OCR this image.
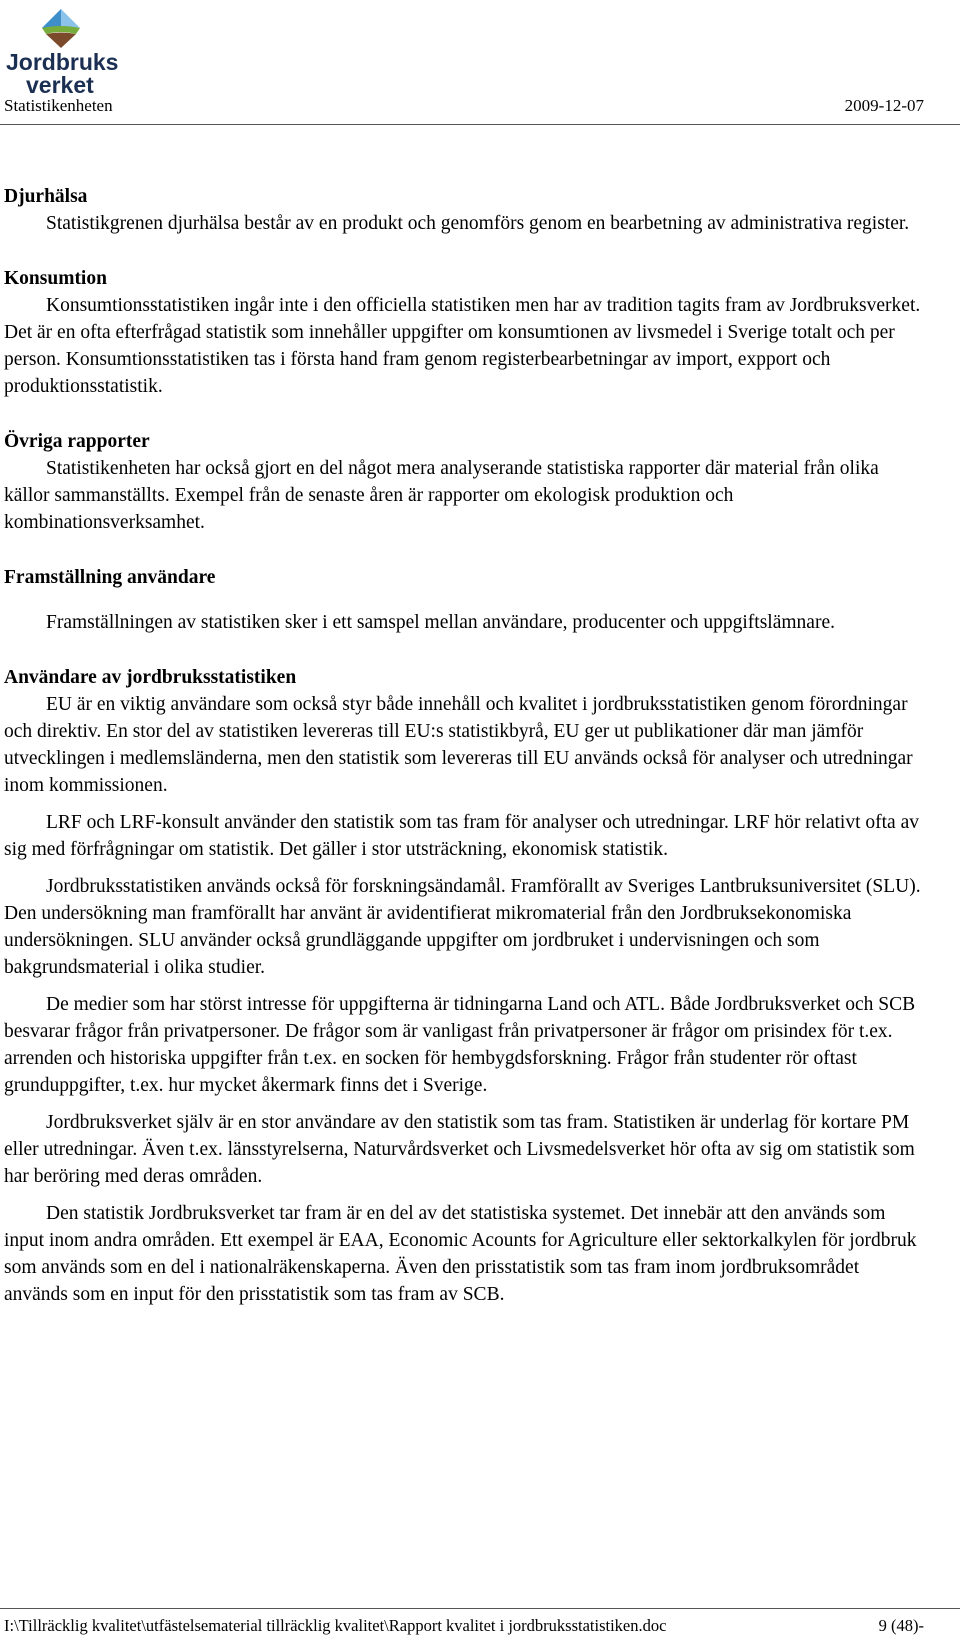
Jordbruks
verket
Statistikenheten	2009-12-07
Djurhälsa

Statistikgrenen djurhälsa består av en produkt och genomförs genom en bearbetning av administrativa register.

Konsumtion

Konsumtionsstatistiken ingår inte i den officiella statistiken men har av tradition tagits fram av Jordbruksverket. Det är en ofta efterfrågad statistik som innehåller uppgifter om konsumtionen av livsmedel i Sverige totalt och per person. Konsumtionsstatistiken tas i första hand fram genom registerbearbetningar av import, expport och produktionsstatistik.

Övriga rapporter

Statistikenheten har också gjort en del något mera analyserande statistiska rapporter där material från olika källor sammanställts. Exempel från de senaste åren är rapporter om ekologisk produktion och kombinationsverksamhet.

Framställning användare

Framställningen av statistiken sker i ett samspel mellan användare, producenter och uppgiftslämnare.

Användare av jordbruksstatistiken

EU är en viktig användare som också styr både innehåll och kvalitet i jordbruksstatistiken genom förordningar och direktiv. En stor del av statistiken levereras till EU:s statistikbyrå, EU ger ut publikationer där man jämför utvecklingen i medlemsländerna, men den statistik som levereras till EU används också för analyser och utredningar inom kommissionen.

LRF och LRF-konsult använder den statistik som tas fram för analyser och utredningar. LRF hör relativt ofta av sig med förfrågningar om statistik. Det gäller i stor utsträckning, ekonomisk statistik.

Jordbruksstatistiken används också för forskningsändamål. Framförallt av Sveriges Lantbruksuniversitet (SLU). Den undersökning man framförallt har använt är avidentifierat mikromaterial från den Jordbruksekonomiska undersökningen. SLU använder också grundläggande uppgifter om jordbruket i undervisningen och som bakgrundsmaterial i olika studier.

De medier som har störst intresse för uppgifterna är tidningarna Land och ATL. Både Jordbruksverket och SCB besvarar frågor från privatpersoner. De frågor som är vanligast från privatpersoner är frågor om prisindex för t.ex. arrenden och historiska uppgifter från t.ex. en socken för hembygdsforskning. Frågor från studenter rör oftast grunduppgifter, t.ex. hur mycket åkermark finns det i Sverige.

Jordbruksverket själv är en stor användare av den statistik som tas fram. Statistiken är underlag för kortare PM eller utredningar. Även t.ex. länsstyrelserna, Naturvårdsverket och Livsmedelsverket hör ofta av sig om statistik som har beröring med deras områden.

Den statistik Jordbruksverket tar fram är en del av det statistiska systemet. Det innebär att den används som input inom andra områden. Ett exempel är EAA, Economic Acounts for Agriculture eller sektorkalkylen för jordbruk som används som en del i nationalräkenskaperna. Även den prisstatistik som tas fram inom jordbruksområdet används som en input för den prisstatistik som tas fram av SCB.

I:\Tillräcklig kvalitet\utfästelsematerial tillräcklig kvalitet\Rapport kvalitet i jordbruksstatistiken.doc	9 (48)-
